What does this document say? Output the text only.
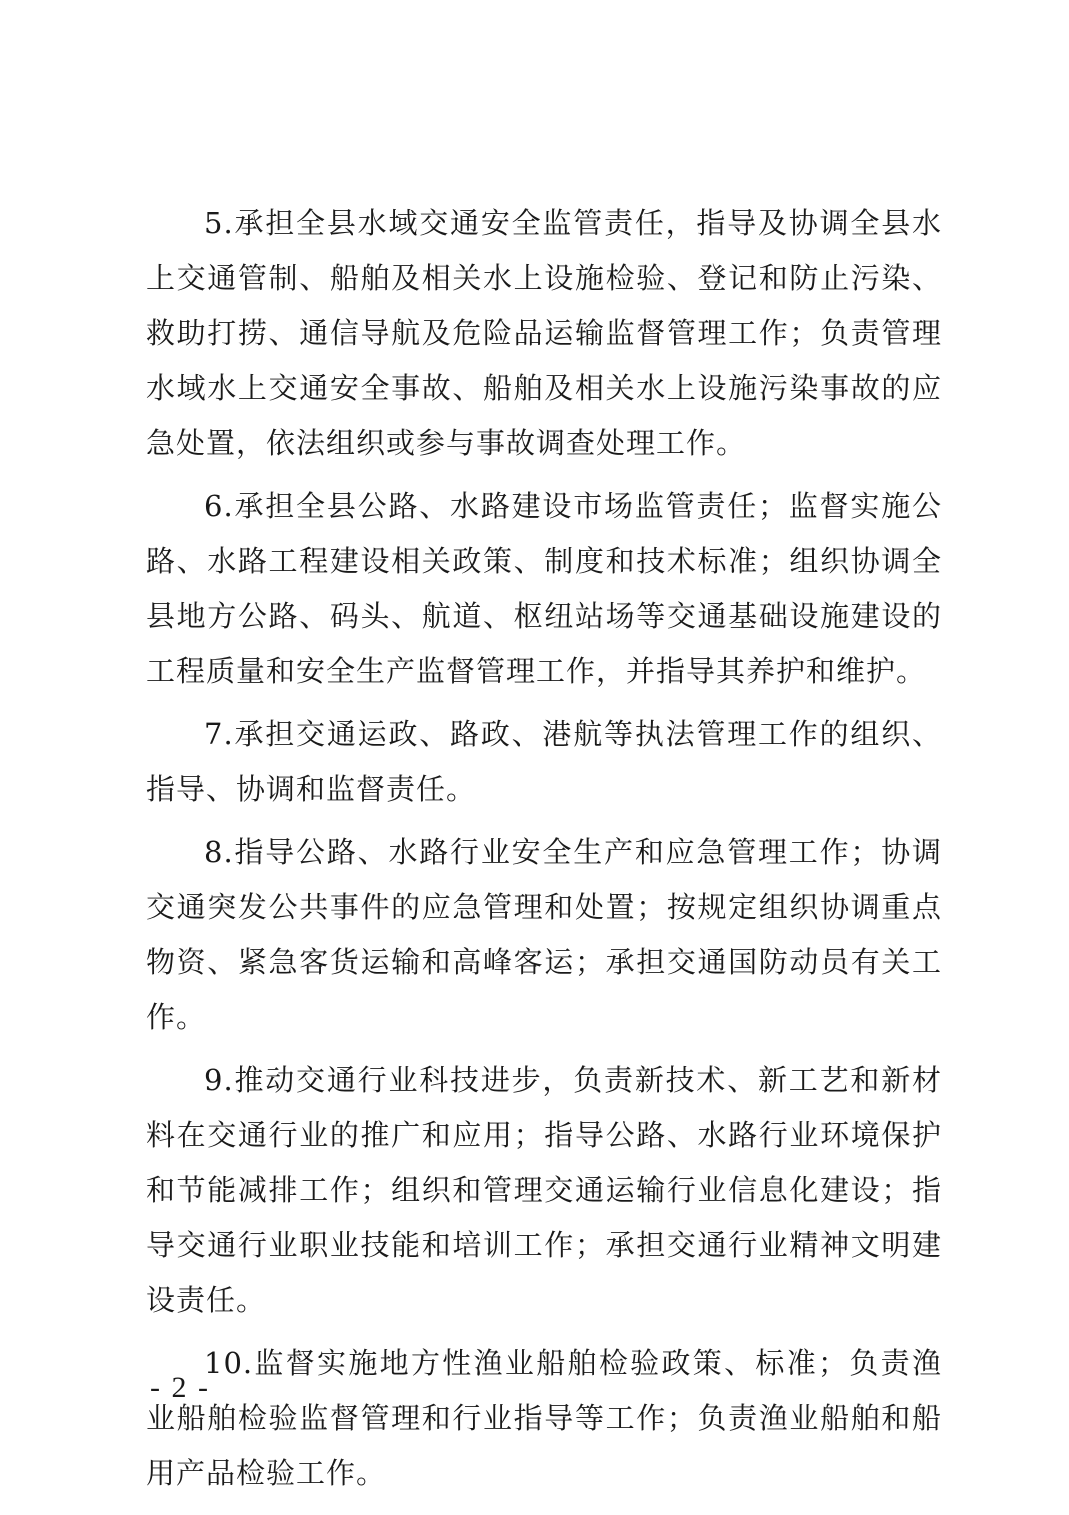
5.承担全县水域交通安全监管责任，指导及协调全县水上交通管制、船舶及相关水上设施检验、登记和防止污染、救助打捞、通信导航及危险品运输监督管理工作；负责管理水域水上交通安全事故、船舶及相关水上设施污染事故的应急处置，依法组织或参与事故调查处理工作。

6.承担全县公路、水路建设市场监管责任；监督实施公路、水路工程建设相关政策、制度和技术标准；组织协调全县地方公路、码头、航道、枢纽站场等交通基础设施建设的工程质量和安全生产监督管理工作，并指导其养护和维护。

7.承担交通运政、路政、港航等执法管理工作的组织、指导、协调和监督责任。

8.指导公路、水路行业安全生产和应急管理工作；协调交通突发公共事件的应急管理和处置；按规定组织协调重点物资、紧急客货运输和高峰客运；承担交通国防动员有关工作。

9.推动交通行业科技进步，负责新技术、新工艺和新材料在交通行业的推广和应用；指导公路、水路行业环境保护和节能减排工作；组织和管理交通运输行业信息化建设；指导交通行业职业技能和培训工作；承担交通行业精神文明建设责任。

10.监督实施地方性渔业船舶检验政策、标准；负责渔业船舶检验监督管理和行业指导等工作；负责渔业船舶和船用产品检验工作。

- 2 -
